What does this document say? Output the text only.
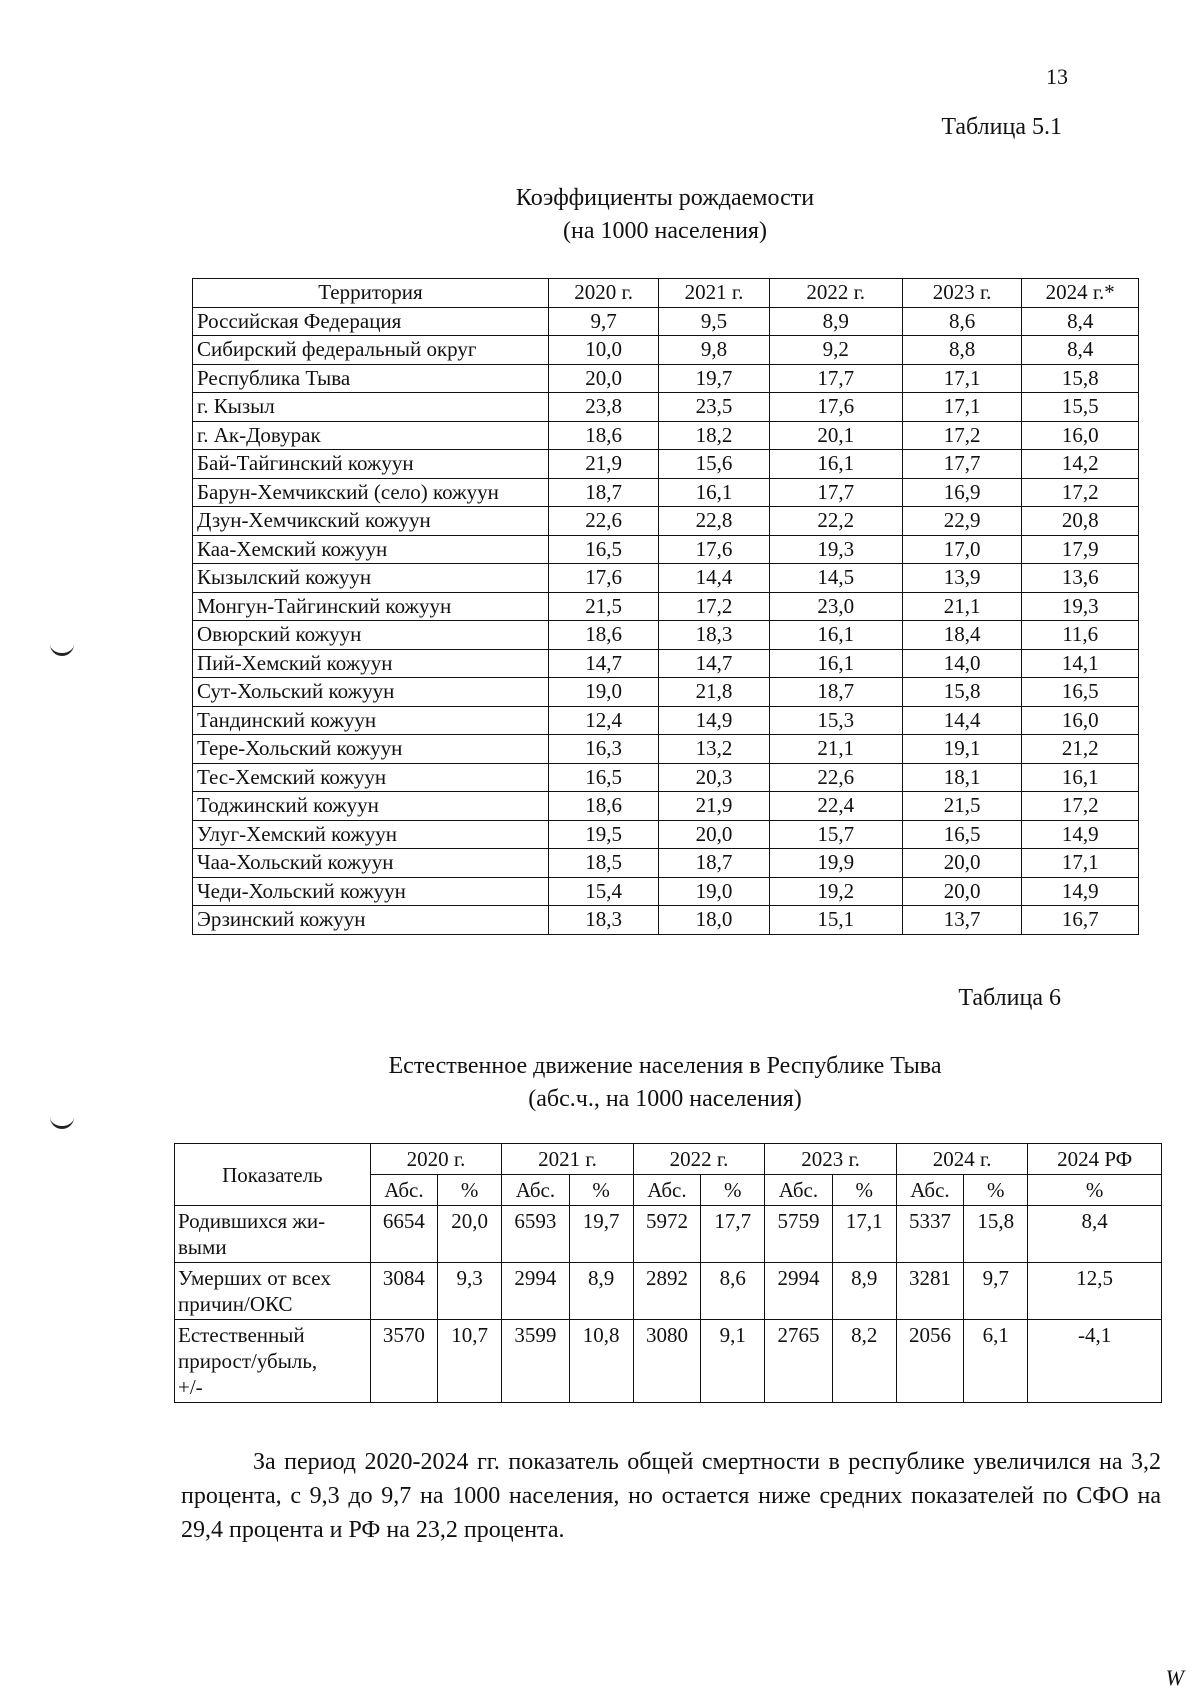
13
Таблица 5.1
Коэффициенты рождаемости
(на 1000 населения)
Территория	2020 г.	2021 г.	2022 г.	2023 г.	2024 г.*
Российская Федерация	9,7	9,5	8,9	8,6	8,4
Сибирский федеральный округ	10,0	9,8	9,2	8,8	8,4
Республика Тыва	20,0	19,7	17,7	17,1	15,8
г. Кызыл	23,8	23,5	17,6	17,1	15,5
г. Ак-Довурак	18,6	18,2	20,1	17,2	16,0
Бай-Тайгинский кожуун	21,9	15,6	16,1	17,7	14,2
Барун-Хемчикский (село) кожуун	18,7	16,1	17,7	16,9	17,2
Дзун-Хемчикский кожуун	22,6	22,8	22,2	22,9	20,8
Каа-Хемский кожуун	16,5	17,6	19,3	17,0	17,9
Кызылский кожуун	17,6	14,4	14,5	13,9	13,6
Монгун-Тайгинский кожуун	21,5	17,2	23,0	21,1	19,3
Овюрский кожуун	18,6	18,3	16,1	18,4	11,6
Пий-Хемский кожуун	14,7	14,7	16,1	14,0	14,1
Сут-Хольский кожуун	19,0	21,8	18,7	15,8	16,5
Тандинский кожуун	12,4	14,9	15,3	14,4	16,0
Тере-Хольский кожуун	16,3	13,2	21,1	19,1	21,2
Тес-Хемский кожуун	16,5	20,3	22,6	18,1	16,1
Тоджинский кожуун	18,6	21,9	22,4	21,5	17,2
Улуг-Хемский кожуун	19,5	20,0	15,7	16,5	14,9
Чаа-Хольский кожуун	18,5	18,7	19,9	20,0	17,1
Чеди-Хольский кожуун	15,4	19,0	19,2	20,0	14,9
Эрзинский кожуун	18,3	18,0	15,1	13,7	16,7
Таблица 6
Естественное движение населения в Республике Тыва
(абс.ч., на 1000 населения)
Показатель	2020 г.		2021 г.		2022 г.		2023 г.		2024 г.		2024 РФ
	Абс.	%	Абс.	%	Абс.	%	Абс.	%	Абс.	%	%
Родившихся жи-
выми	6654	20,0	6593	19,7	5972	17,7	5759	17,1	5337	15,8	8,4
Умерших от всех
причин/ОКС	3084	9,3	2994	8,9	2892	8,6	2994	8,9	3281	9,7	12,5
Естественный
прирост/убыль,
+/-	3570	10,7	3599	10,8	3080	9,1	2765	8,2	2056	6,1	-4,1
За период 2020-2024 гг. показатель общей смертности в республике увеличился на 3,2 процента, с 9,3 до 9,7 на 1000 населения, но остается ниже средних показателей по СФО на 29,4 процента и РФ на 23,2 процента.
W
